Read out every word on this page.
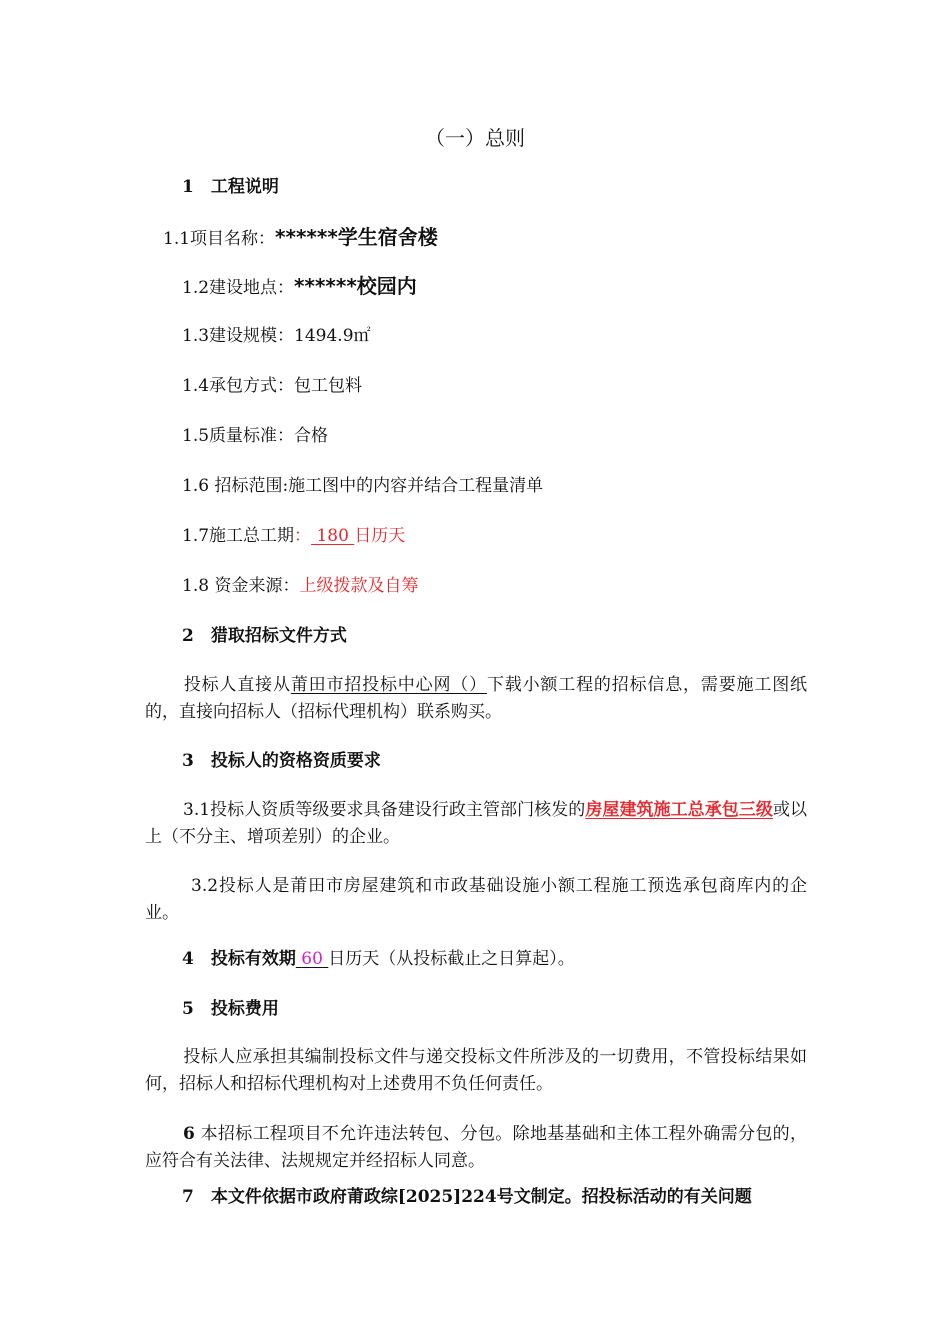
（一）总则
1　工程说明
1.1项目名称：******学生宿舍楼
1.2建设地点：******校园内
1.3建设规模：1494.9㎡
1.4承包方式：包工包料
1.5质量标准：合格
1.6 招标范围:施工图中的内容并结合工程量清单
1.7施工总工期： 180 日历天
1.8 资金来源：上级拨款及自筹
2　猎取招标文件方式
投标人直接从莆田市招投标中心网（）下载小额工程的招标信息，需要施工图纸的，直接向招标人（招标代理机构）联系购买。
3　投标人的资格资质要求
3.1投标人资质等级要求具备建设行政主管部门核发的房屋建筑施工总承包三级或以上（不分主、增项差别）的企业。
3.2投标人是莆田市房屋建筑和市政基础设施小额工程施工预选承包商库内的企业。
4　投标有效期 60 日历天（从投标截止之日算起）。
5　投标费用
投标人应承担其编制投标文件与递交投标文件所涉及的一切费用，不管投标结果如何，招标人和招标代理机构对上述费用不负任何责任。
6 本招标工程项目不允许违法转包、分包。除地基基础和主体工程外确需分包的，应符合有关法律、法规规定并经招标人同意。
7　本文件依据市政府莆政综[2025]224号文制定。招投标活动的有关问题
